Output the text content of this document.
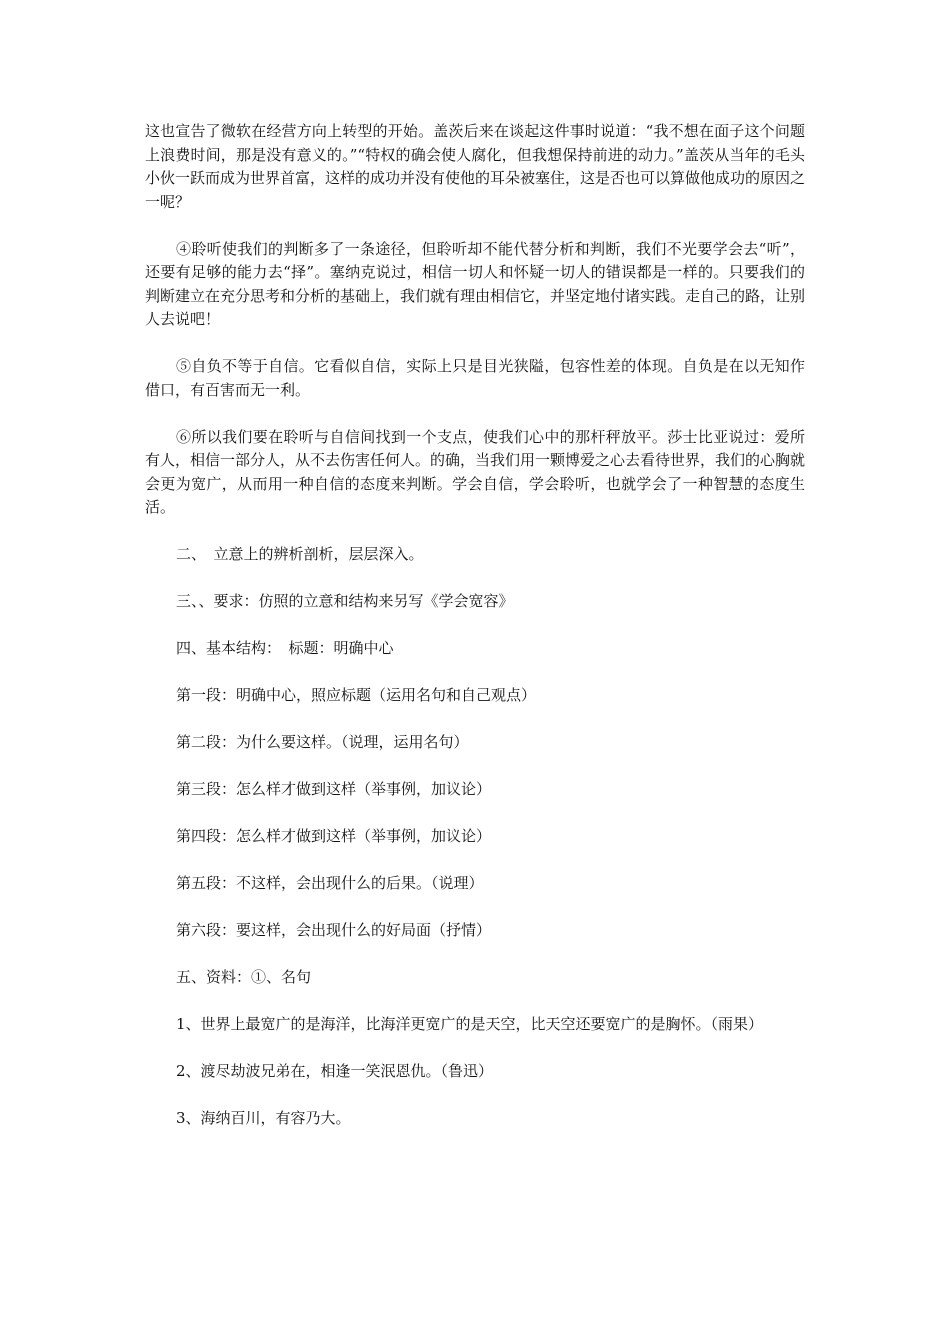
这也宣告了微软在经营方向上转型的开始。盖茨后来在谈起这件事时说道：“我不想在面子这个问题上浪费时间，那是没有意义的。”“特权的确会使人腐化，但我想保持前进的动力。”盖茨从当年的毛头小伙一跃而成为世界首富，这样的成功并没有使他的耳朵被塞住，这是否也可以算做他成功的原因之一呢？

④聆听使我们的判断多了一条途径，但聆听却不能代替分析和判断，我们不光要学会去“听”，还要有足够的能力去“择”。塞纳克说过，相信一切人和怀疑一切人的错误都是一样的。只要我们的判断建立在充分思考和分析的基础上，我们就有理由相信它，并坚定地付诸实践。走自己的路，让别人去说吧！

⑤自负不等于自信。它看似自信，实际上只是目光狭隘，包容性差的体现。自负是在以无知作借口，有百害而无一利。

⑥所以我们要在聆听与自信间找到一个支点，使我们心中的那杆秤放平。莎士比亚说过：爱所有人，相信一部分人，从不去伤害任何人。的确，当我们用一颗博爱之心去看待世界，我们的心胸就会更为宽广，从而用一种自信的态度来判断。学会自信，学会聆听，也就学会了一种智慧的态度生活。

二、　立意上的辨析剖析，层层深入。

三、、要求：仿照的立意和结构来另写《学会宽容》

四、基本结构：　标题：明确中心

第一段：明确中心，照应标题（运用名句和自己观点）

第二段：为什么要这样。（说理，运用名句）

第三段：怎么样才做到这样（举事例，加议论）

第四段：怎么样才做到这样（举事例，加议论）

第五段：不这样，会出现什么的后果。（说理）

第六段：要这样，会出现什么的好局面（抒情）

五、资料：①、名句

1、世界上最宽广的是海洋，比海洋更宽广的是天空，比天空还要宽广的是胸怀。（雨果）

2、渡尽劫波兄弟在，相逢一笑泯恩仇。（鲁迅）

3、海纳百川，有容乃大。
